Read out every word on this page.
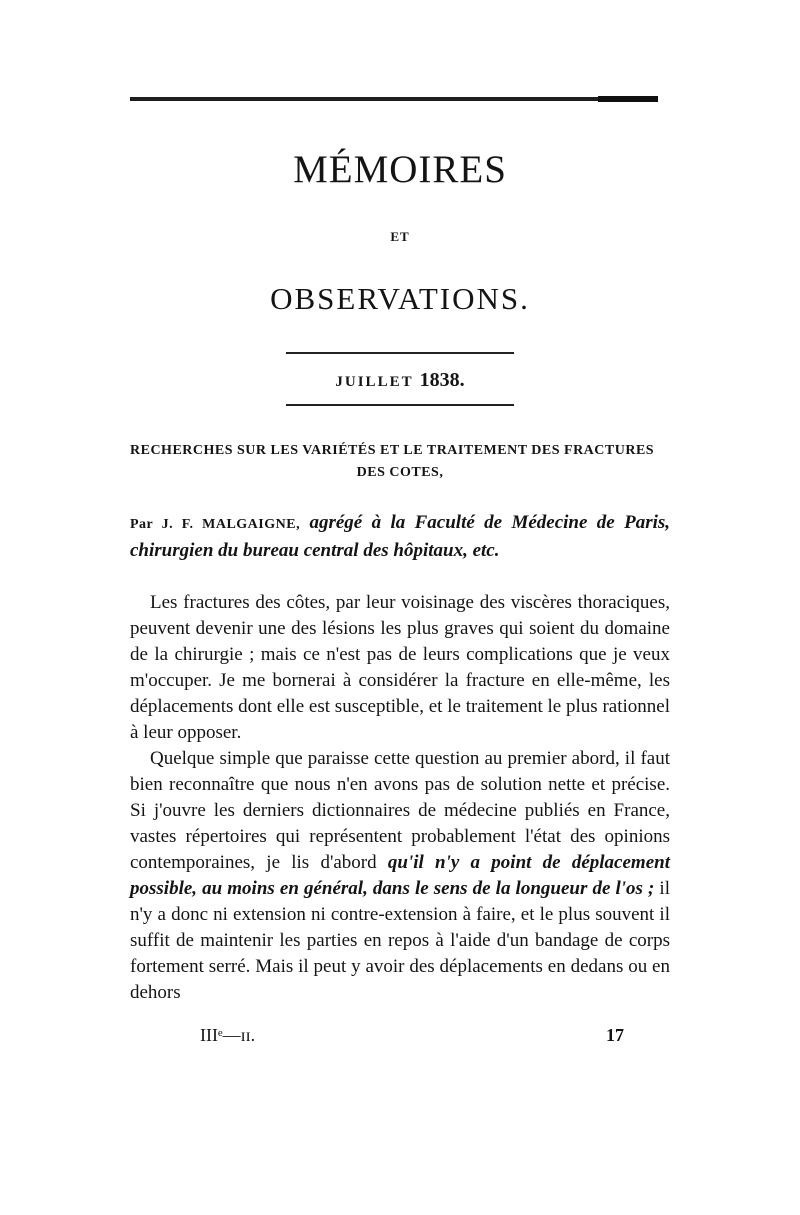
MÉMOIRES
ET
OBSERVATIONS.
JUILLET 1838.
RECHERCHES SUR LES VARIÉTÉS ET LE TRAITEMENT DES FRACTURES
DES COTES,
Par J. F. MALGAIGNE, agrégé à la Faculté de Médecine de Paris, chirurgien du bureau central des hôpitaux, etc.

Les fractures des côtes, par leur voisinage des viscères thoraciques, peuvent devenir une des lésions les plus graves qui soient du domaine de la chirurgie ; mais ce n'est pas de leurs complications que je veux m'occuper. Je me bornerai à considérer la fracture en elle-même, les déplacements dont elle est susceptible, et le traitement le plus rationnel à leur opposer.

Quelque simple que paraisse cette question au premier abord, il faut bien reconnaître que nous n'en avons pas de solution nette et précise. Si j'ouvre les derniers dictionnaires de médecine publiés en France, vastes répertoires qui représentent probablement l'état des opinions contemporaines, je lis d'abord qu'il n'y a point de déplacement possible, au moins en général, dans le sens de la longueur de l'os ; il n'y a donc ni extension ni contre-extension à faire, et le plus souvent il suffit de maintenir les parties en repos à l'aide d'un bandage de corps fortement serré. Mais il peut y avoir des déplacements en dedans ou en dehors

IIIᵉ—ɪɪ.	17
